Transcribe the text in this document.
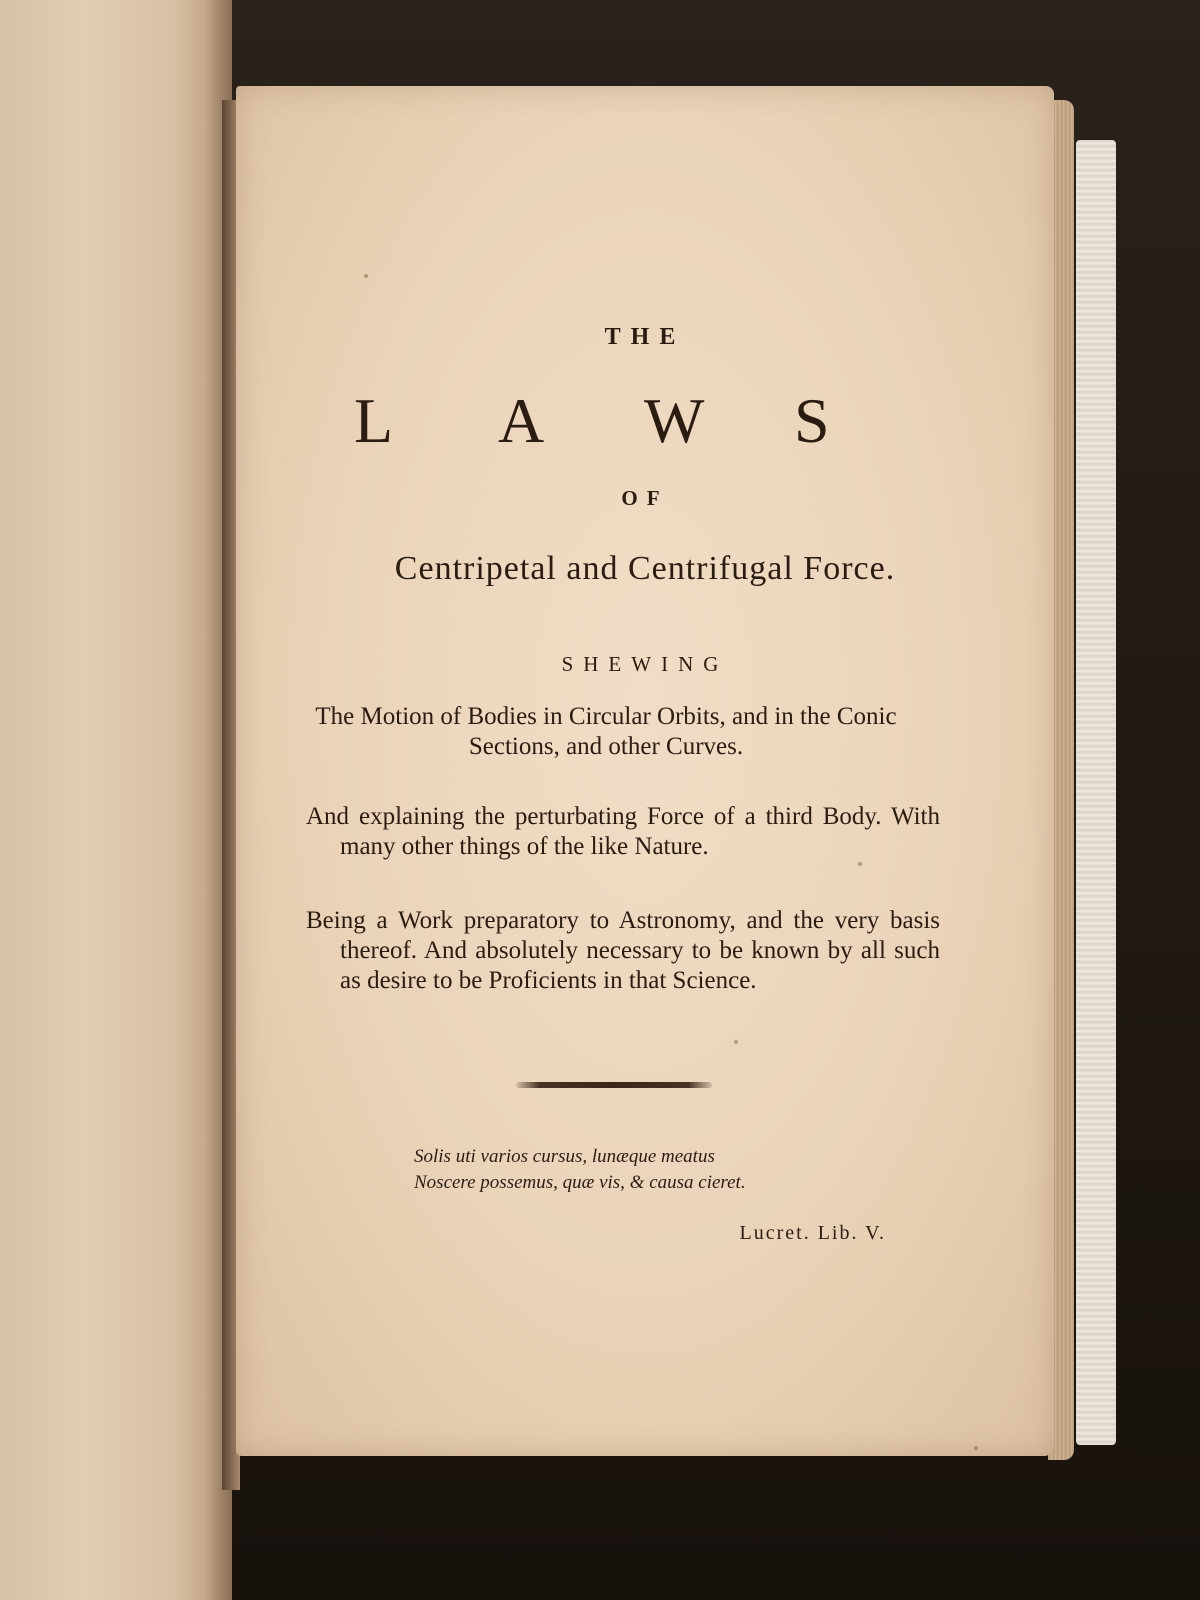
THE
L A W S
OF
Centripetal and Centrifugal Force.
SHEWING
The Motion of Bodies in Circular Orbits, and in the Conic Sections, and other Curves.
And explaining the perturbating Force of a third Body. With many other things of the like Nature.
Being a Work preparatory to Astronomy, and the very basis thereof. And absolutely necessary to be known by all such as desire to be Proficients in that Science.
Solis uti varios cursus, lunæque meatus
Noscere possemus, quæ vis, & causa cieret.
Lucret. Lib. V.
